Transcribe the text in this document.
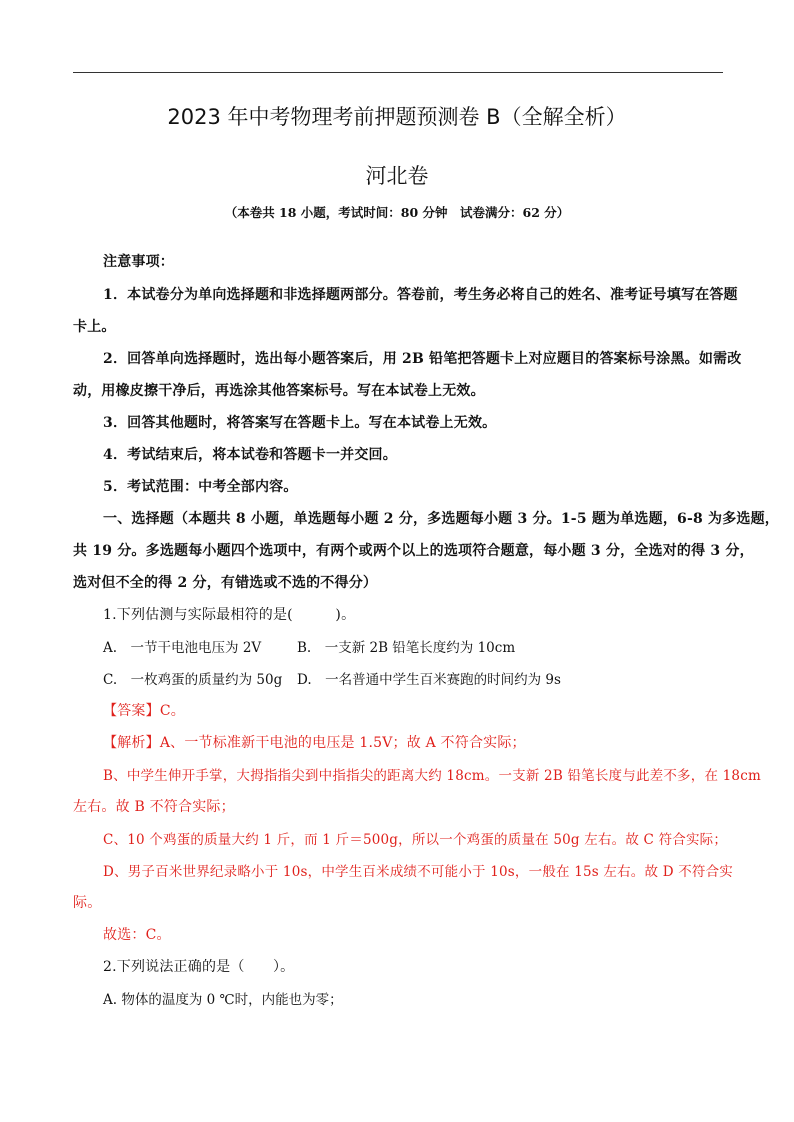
2023 年中考物理考前押题预测卷 B（全解全析）
河北卷
（本卷共 18 小题，考试时间：80 分钟　试卷满分：62 分）
注意事项：
1．本试卷分为单向选择题和非选择题两部分。答卷前，考生务必将自己的姓名、准考证号填写在答题
卡上。
2．回答单向选择题时，选出每小题答案后，用 2B 铅笔把答题卡上对应题目的答案标号涂黑。如需改
动，用橡皮擦干净后，再选涂其他答案标号。写在本试卷上无效。
3．回答其他题时，将答案写在答题卡上。写在本试卷上无效。
4．考试结束后，将本试卷和答题卡一并交回。
5．考试范围：中考全部内容。
一、选择题（本题共 8 小题，单选题每小题 2 分，多选题每小题 3 分。1-5 题为单选题，6-8 为多选题，
共 19 分。多选题每小题四个选项中，有两个或两个以上的选项符合题意，每小题 3 分，全选对的得 3 分，
选对但不全的得 2 分，有错选或不选的不得分）
1.下列估测与实际最相符的是(　　　)。
A.　一节干电池电压为 2V	B.　一支新 2B 铅笔长度约为 10cm
C.　一枚鸡蛋的质量约为 50g D.　一名普通中学生百米赛跑的时间约为 9s
【答案】C。
【解析】A、一节标准新干电池的电压是 1.5V；故 A 不符合实际；
B、中学生伸开手掌，大拇指指尖到中指指尖的距离大约 18cm。一支新 2B 铅笔长度与此差不多，在 18cm
左右。故 B 不符合实际；
C、10 个鸡蛋的质量大约 1 斤，而 1 斤＝500g，所以一个鸡蛋的质量在 50g 左右。故 C 符合实际；
D、男子百米世界纪录略小于 10s，中学生百米成绩不可能小于 10s，一般在 15s 左右。故 D 不符合实
际。
故选：C。
2.下列说法正确的是（　　）。
A. 物体的温度为 0 ℃时，内能也为零；
